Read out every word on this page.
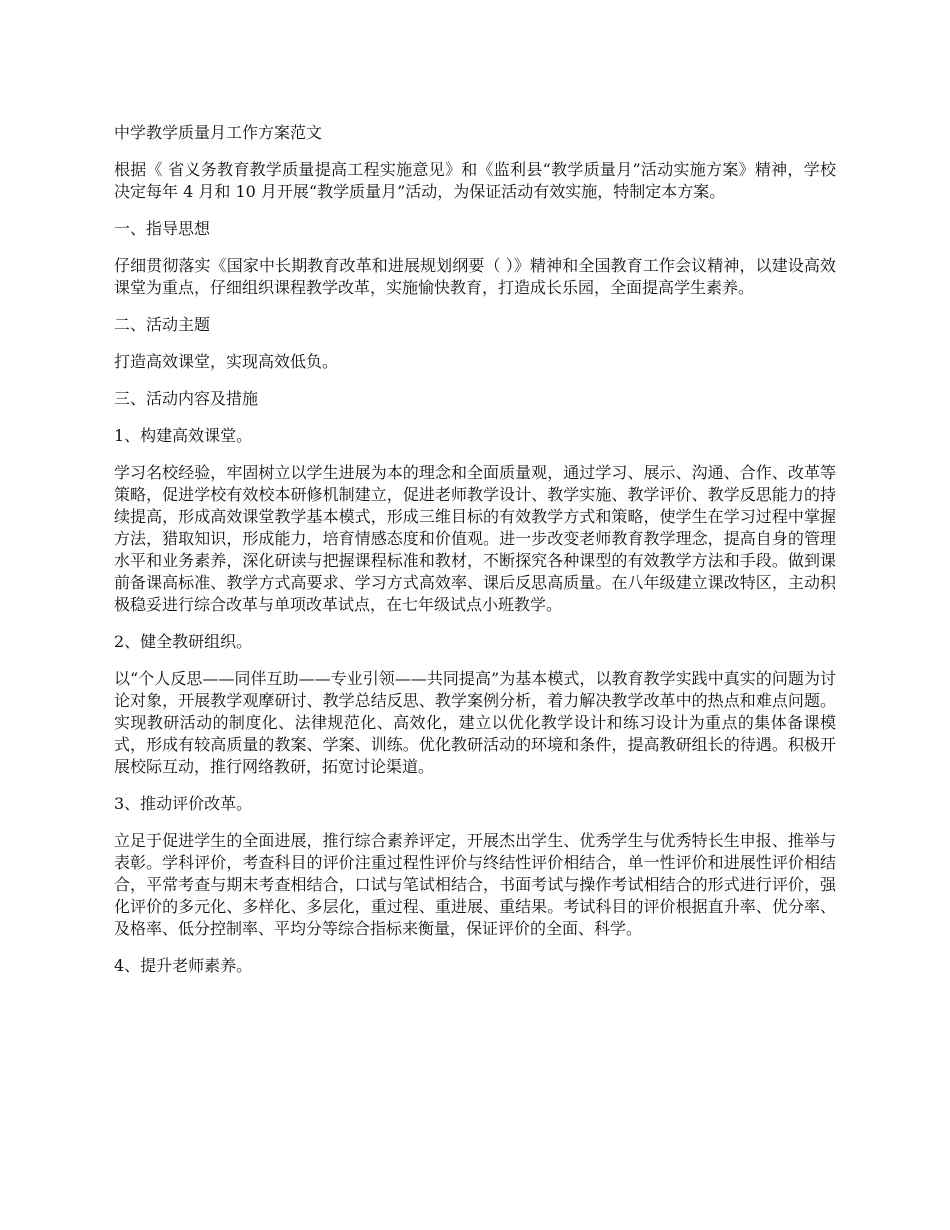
中学教学质量月工作方案范文

根据《 省义务教育教学质量提高工程实施意见》和《监利县“教学质量月”活动实施方案》精神，学校决定每年 4 月和 10 月开展“教学质量月”活动，为保证活动有效实施，特制定本方案。

一、指导思想

仔细贯彻落实《国家中长期教育改革和进展规划纲要（ ）》精神和全国教育工作会议精神，以建设高效课堂为重点，仔细组织课程教学改革，实施愉快教育，打造成长乐园，全面提高学生素养。

二、活动主题

打造高效课堂，实现高效低负。

三、活动内容及措施

1、构建高效课堂。

学习名校经验，牢固树立以学生进展为本的理念和全面质量观，通过学习、展示、沟通、合作、改革等策略，促进学校有效校本研修机制建立，促进老师教学设计、教学实施、教学评价、教学反思能力的持续提高，形成高效课堂教学基本模式，形成三维目标的有效教学方式和策略，使学生在学习过程中掌握方法，猎取知识，形成能力，培育情感态度和价值观。进一步改变老师教育教学理念，提高自身的管理水平和业务素养，深化研读与把握课程标准和教材，不断探究各种课型的有效教学方法和手段。做到课前备课高标准、教学方式高要求、学习方式高效率、课后反思高质量。在八年级建立课改特区，主动积极稳妥进行综合改革与单项改革试点，在七年级试点小班教学。

2、健全教研组织。

以“个人反思——同伴互助——专业引领——共同提高”为基本模式，以教育教学实践中真实的问题为讨论对象，开展教学观摩研讨、教学总结反思、教学案例分析，着力解决教学改革中的热点和难点问题。实现教研活动的制度化、法律规范化、高效化，建立以优化教学设计和练习设计为重点的集体备课模式，形成有较高质量的教案、学案、训练。优化教研活动的环境和条件，提高教研组长的待遇。积极开展校际互动，推行网络教研，拓宽讨论渠道。

3、推动评价改革。

立足于促进学生的全面进展，推行综合素养评定，开展杰出学生、优秀学生与优秀特长生申报、推举与表彰。学科评价，考查科目的评价注重过程性评价与终结性评价相结合，单一性评价和进展性评价相结合，平常考查与期末考查相结合，口试与笔试相结合，书面考试与操作考试相结合的形式进行评价，强化评价的多元化、多样化、多层化，重过程、重进展、重结果。考试科目的评价根据直升率、优分率、及格率、低分控制率、平均分等综合指标来衡量，保证评价的全面、科学。

4、提升老师素养。
